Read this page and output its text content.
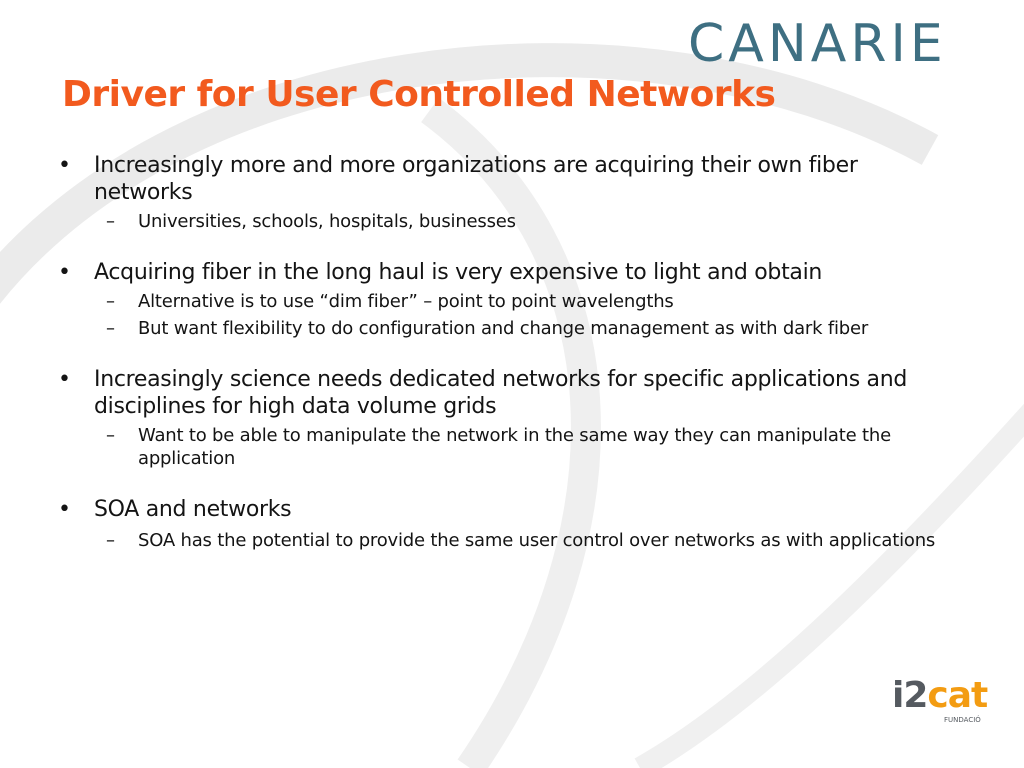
CANARIE
Driver for User Controlled Networks
• Increasingly more and more organizations are acquiring their own fiber networks
– Universities, schools, hospitals, businesses
• Acquiring fiber in the long haul is very expensive to light and obtain
– Alternative is to use “dim fiber” – point to point wavelengths
– But want flexibility to do configuration and change management as with dark fiber
• Increasingly science needs dedicated networks for specific applications and disciplines for high data volume grids
– Want to be able to manipulate the network in the same way they can manipulate the application
• SOA and networks
– SOA has the potential to provide the same user control over networks as with applications
i2cat
FUNDACIÓ
